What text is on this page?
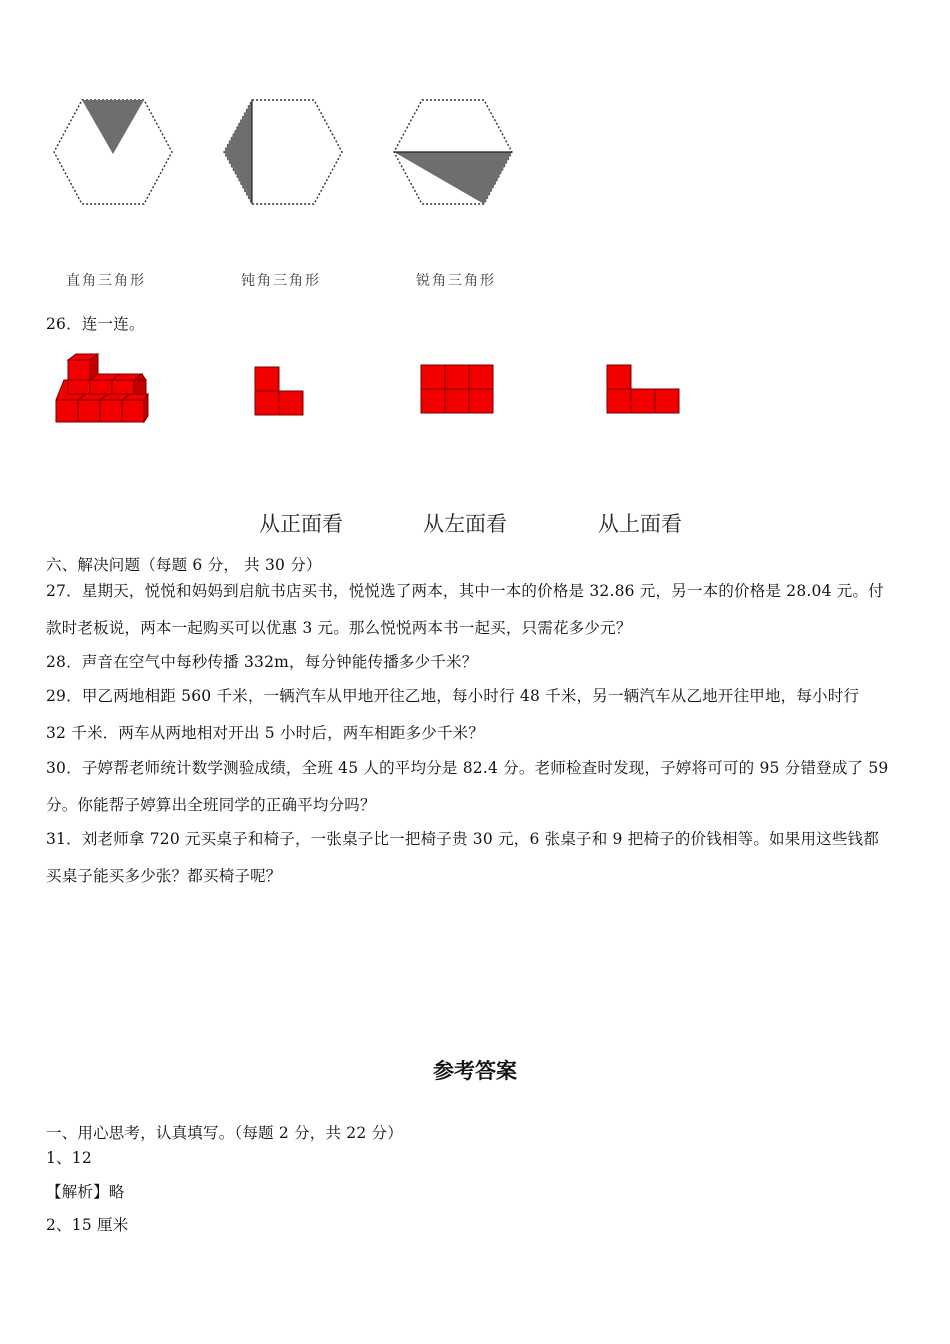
直角三角形	钝角三角形	锐角三角形
26．连一连。
从正面看	从左面看	从上面看
六、解决问题（每题 6 分， 共 30 分）
27．星期天，悦悦和妈妈到启航书店买书，悦悦选了两本，其中一本的价格是 32.86 元，另一本的价格是 28.04 元。付
款时老板说，两本一起购买可以优惠 3 元。那么悦悦两本书一起买，只需花多少元？
28．声音在空气中每秒传播 332m，每分钟能传播多少千米？
29．甲乙两地相距 560 千米，一辆汽车从甲地开往乙地，每小时行 48 千米，另一辆汽车从乙地开往甲地，每小时行
32 千米．两车从两地相对开出 5 小时后，两车相距多少千米？
30．子婷帮老师统计数学测验成绩，全班 45 人的平均分是 82.4 分。老师检查时发现，子婷将可可的 95 分错登成了 59
分。你能帮子婷算出全班同学的正确平均分吗？
31．刘老师拿 720 元买桌子和椅子，一张桌子比一把椅子贵 30 元，6 张桌子和 9 把椅子的价钱相等。如果用这些钱都
买桌子能买多少张？都买椅子呢？
参考答案
一、用心思考，认真填写。（每题 2 分，共 22 分）
1、12
【解析】略
2、15 厘米
